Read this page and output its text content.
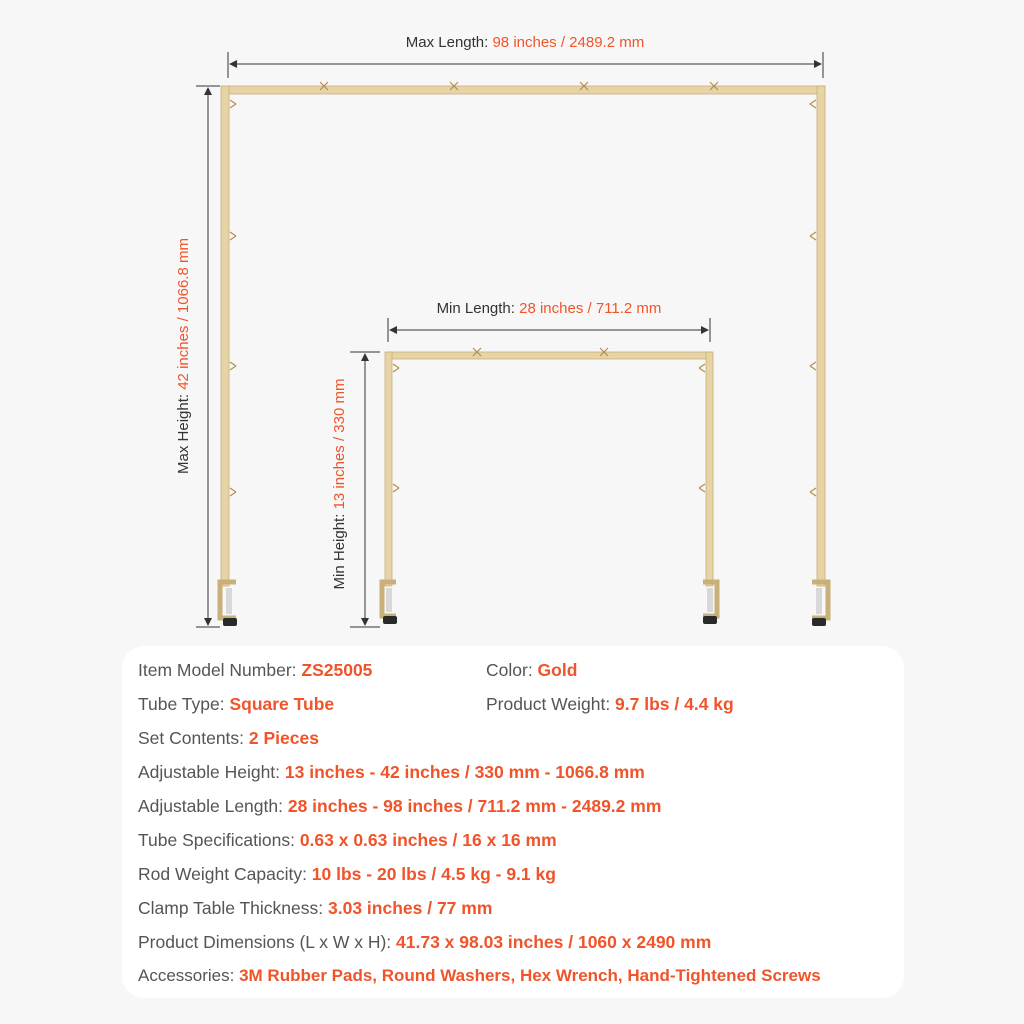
Max Length: 98 inches / 2489.2 mm
Min Length: 28 inches / 711.2 mm
Max Height: 42 inches / 1066.8 mm
Min Height: 13 inches / 330 mm
Item Model Number: ZS25005	Color: Gold
Tube Type: Square Tube	Product Weight: 9.7 lbs / 4.4 kg
Set Contents: 2 Pieces
Adjustable Height: 13 inches - 42 inches / 330 mm - 1066.8 mm
Adjustable Length: 28 inches - 98 inches / 711.2 mm - 2489.2 mm
Tube Specifications: 0.63 x 0.63 inches / 16 x 16 mm
Rod Weight Capacity: 10 lbs - 20 lbs / 4.5 kg - 9.1 kg
Clamp Table Thickness: 3.03 inches / 77 mm
Product Dimensions (L x W x H): 41.73 x 98.03 inches / 1060 x 2490 mm
Accessories: 3M Rubber Pads, Round Washers, Hex Wrench, Hand-Tightened Screws
